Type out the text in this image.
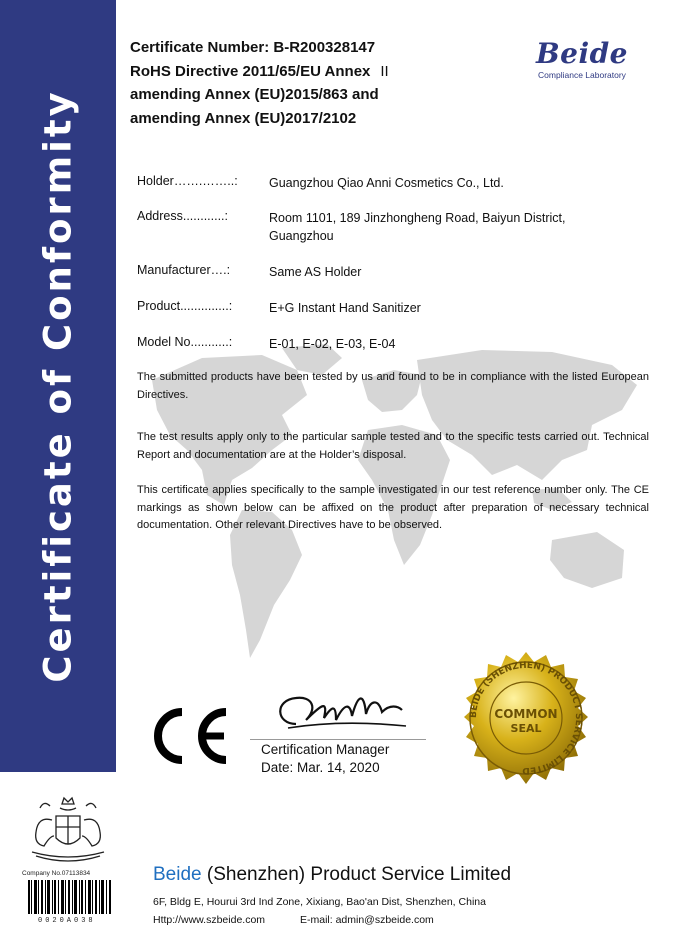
Certificate of Conformity
Certificate Number: B-R200328147
RoHS Directive 2011/65/EU Annex II
amending Annex (EU)2015/863 and
amending Annex (EU)2017/2102
Beide
Compliance Laboratory
Holder…….……..:	Guangzhou Qiao Anni Cosmetics Co., Ltd.
Address............:	Room 1101, 189 Jinzhongheng Road, Baiyun District,
Guangzhou
Manufacturer….:	Same AS Holder
Product..............:	E+G Instant Hand Sanitizer
Model No...........:	E-01, E-02, E-03, E-04
The submitted products have been tested by us and found to be in compliance with the listed European Directives.
The test results apply only to the particular sample tested and to the specific tests carried out. Technical Report and documentation are at the Holder’s disposal.
This certificate applies specifically to the sample investigated in our test reference number only. The CE markings as shown below can be affixed on the product after preparation of necessary technical documentation. Other relevant Directives have to be observed.
Certification Manager
Date: Mar. 14, 2020
BEIDE (SHENZHEN) PRODUCT SERVICE LIMITED
COMMON
SEAL
Company No.07113834
0020A038
Beide (Shenzhen) Product Service Limited
6F, Bldg E, Hourui 3rd Ind Zone, Xixiang, Bao'an Dist, Shenzhen, China
Http://www.szbeide.com	E-mail: admin@szbeide.com
